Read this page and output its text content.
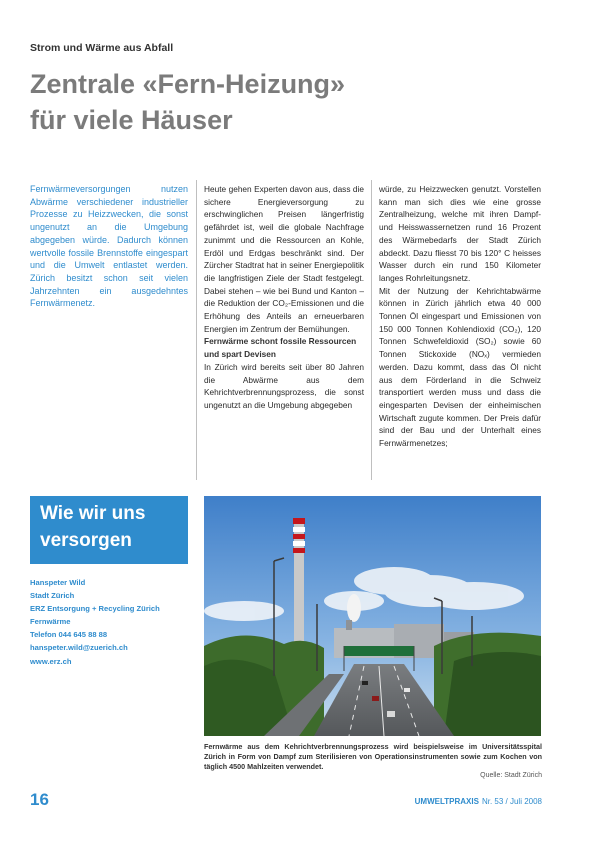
Strom und Wärme aus Abfall
Zentrale «Fern-Heizung»
für viele Häuser
Fernwärmeversorgungen nutzen Abwärme verschiedener industrieller Prozesse zu Heizzwecken, die sonst ungenutzt an die Umgebung abgegeben würde. Dadurch können wertvolle fossile Brennstoffe eingespart und die Umwelt entlastet werden. Zürich besitzt schon seit vielen Jahrzehnten ein ausgedehntes Fernwärmenetz.

Heute gehen Experten davon aus, dass die sichere Energieversorgung zu erschwinglichen Preisen längerfristig gefährdet ist, weil die globale Nachfrage zunimmt und die Ressourcen an Kohle, Erdöl und Erdgas beschränkt sind. Der Zürcher Stadtrat hat in seiner Energiepolitik die langfristigen Ziele der Stadt festgelegt. Dabei stehen – wie bei Bund und Kanton – die Reduktion der CO₂-Emissionen und die Erhöhung des Anteils an erneuerbaren Energien im Zentrum der Bemühungen.

Fernwärme schont fossile Ressourcen und spart Devisen

In Zürich wird bereits seit über 80 Jahren die Abwärme aus dem Kehrichtverbrennungsprozess, die sonst ungenutzt an die Umgebung abgegeben

würde, zu Heizzwecken genutzt. Vorstellen kann man sich dies wie eine grosse Zentralheizung, welche mit ihren Dampf- und Heisswassernetzen rund 16 Prozent des Wärmebedarfs der Stadt Zürich abdeckt. Dazu fliesst 70 bis 120° C heisses Wasser durch ein rund 150 Kilometer langes Rohrleitungsnetz.

Mit der Nutzung der Kehrichtabwärme können in Zürich jährlich etwa 40 000 Tonnen Öl eingespart und Emissionen von 150 000 Tonnen Kohlendioxid (CO₂), 120 Tonnen Schwefeldioxid (SO₂) sowie 60 Tonnen Stickoxide (NOₓ) vermieden werden. Dazu kommt, dass das Öl nicht aus dem Förderland in die Schweiz transportiert werden muss und dass die eingesparten Devisen der einheimischen Wirtschaft zugute kommen. Der Preis dafür sind der Bau und der Unterhalt eines Fernwärmenetzes;

Wie wir uns
versorgen
Hanspeter Wild
Stadt Zürich
ERZ Entsorgung + Recycling Zürich
Fernwärme
Telefon 044 645 88 88
hanspeter.wild@zuerich.ch
www.erz.ch
Fernwärme aus dem Kehrichtverbrennungsprozess wird beispielsweise im Universitätsspital Zürich in Form von Dampf zum Sterilisieren von Operationsinstrumenten sowie zum Kochen von täglich 4500 Mahlzeiten verwendet.
Quelle: Stadt Zürich
16	UMWELTPRAXIS Nr. 53 / Juli 2008
